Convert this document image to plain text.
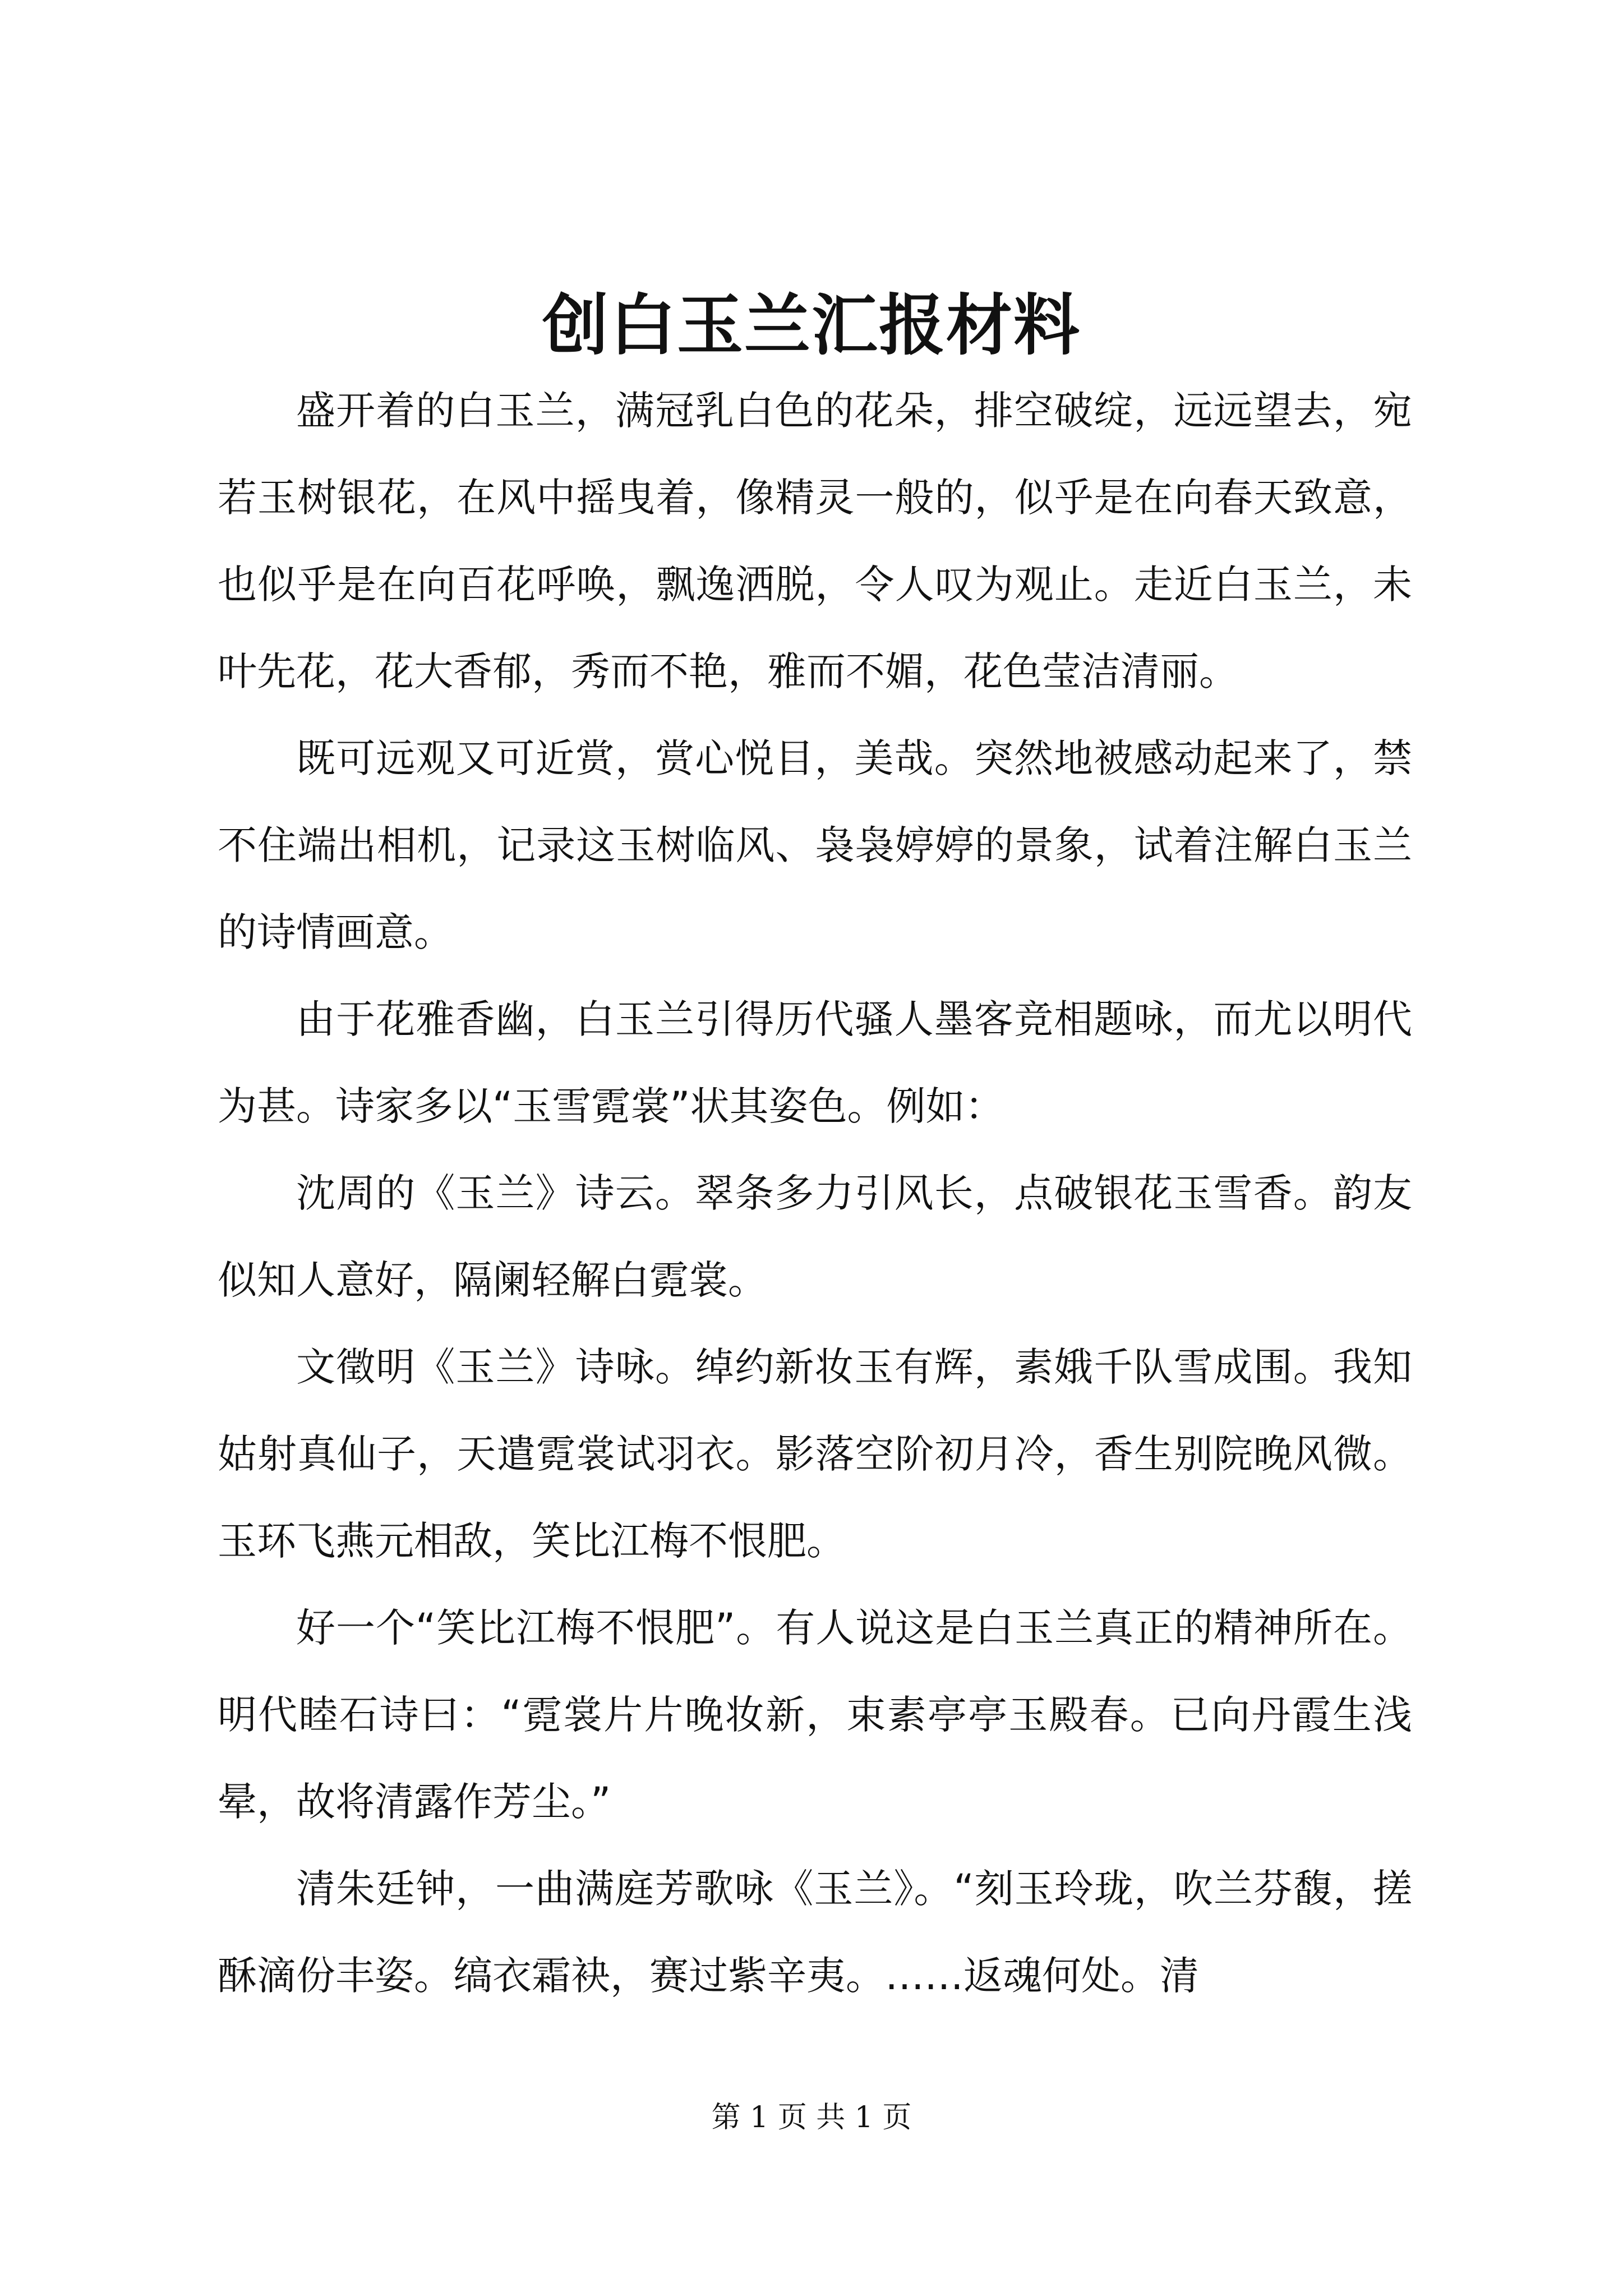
创白玉兰汇报材料

盛开着的白玉兰，满冠乳白色的花朵，排空破绽，远远望去，宛若玉树银花，在风中摇曳着，像精灵一般的，似乎是在向春天致意，也似乎是在向百花呼唤，飘逸洒脱，令人叹为观止。走近白玉兰，未叶先花，花大香郁，秀而不艳，雅而不媚，花色莹洁清丽。

既可远观又可近赏，赏心悦目，美哉。突然地被感动起来了，禁不住端出相机，记录这玉树临风、袅袅婷婷的景象，试着注解白玉兰的诗情画意。

由于花雅香幽，白玉兰引得历代骚人墨客竞相题咏，而尤以明代为甚。诗家多以“玉雪霓裳”状其姿色。例如：

沈周的《玉兰》诗云。翠条多力引风长，点破银花玉雪香。韵友似知人意好，隔阑轻解白霓裳。

文徵明《玉兰》诗咏。绰约新妆玉有辉，素娥千队雪成围。我知姑射真仙子，天遣霓裳试羽衣。影落空阶初月冷，香生别院晚风微。玉环飞燕元相敌，笑比江梅不恨肥。

好一个“笑比江梅不恨肥”。有人说这是白玉兰真正的精神所在。明代睦石诗曰：“霓裳片片晚妆新，束素亭亭玉殿春。已向丹霞生浅晕，故将清露作芳尘。”

清朱廷钟，一曲满庭芳歌咏《玉兰》。“刻玉玲珑，吹兰芬馥，搓酥滴份丰姿。缟衣霜袂，赛过紫辛夷。……返魂何处。清

第 1 页 共 1 页
